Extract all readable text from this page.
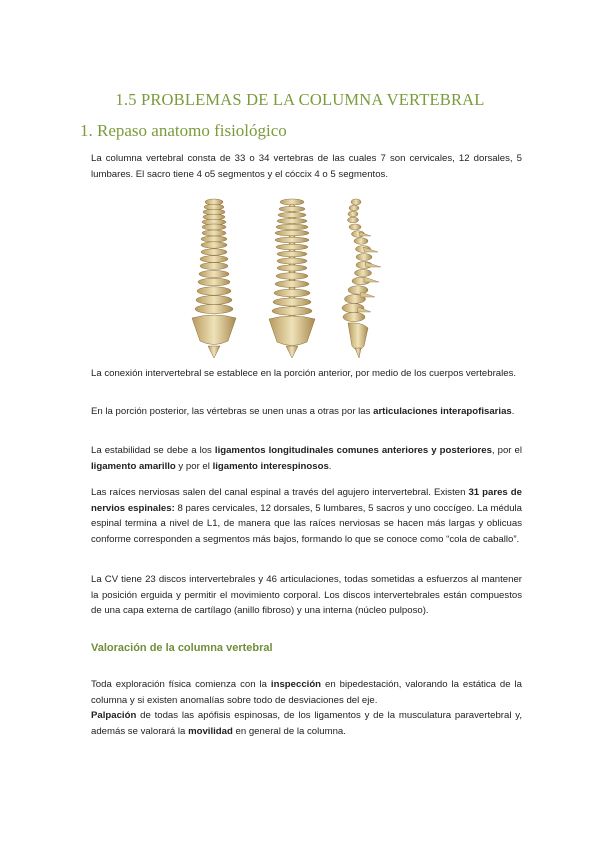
1.5 PROBLEMAS DE LA COLUMNA VERTEBRAL
1. Repaso anatomo fisiológico
La columna vertebral consta de 33 o 34 vertebras de las cuales 7 son cervicales, 12 dorsales, 5 lumbares. El sacro tiene 4 o5 segmentos y el cóccix 4 o 5 segmentos.
La conexión intervertebral se establece en la porción anterior, por medio de los cuerpos vertebrales.
En la porción posterior, las vértebras se unen unas a otras por las articulaciones interapofisarias.
La estabilidad se debe a los ligamentos longitudinales comunes anteriores y posteriores, por el ligamento amarillo y por el ligamento interespinosos.
Las raíces nerviosas salen del canal espinal a través del agujero intervertebral. Existen 31 pares de nervios espinales: 8 pares cervicales, 12 dorsales, 5 lumbares, 5 sacros y uno coccígeo. La médula espinal termina a nivel de L1, de manera que las raíces nerviosas se hacen más largas y oblicuas conforme corresponden a segmentos más bajos, formando lo que se conoce como “cola de caballo”.
La CV tiene 23 discos intervertebrales y 46 articulaciones, todas sometidas a esfuerzos al mantener la posición erguida y permitir el movimiento corporal. Los discos intervertebrales están compuestos de una capa externa de cartílago (anillo fibroso) y una interna (núcleo pulposo).
Valoración de la columna vertebral
Toda exploración física comienza con la inspección en bipedestación, valorando la estática de la columna y si existen anomalías sobre todo de desviaciones del eje.
Palpación de todas las apófisis espinosas, de los ligamentos y de la musculatura paravertebral y, además se valorará la movilidad en general de la columna.
